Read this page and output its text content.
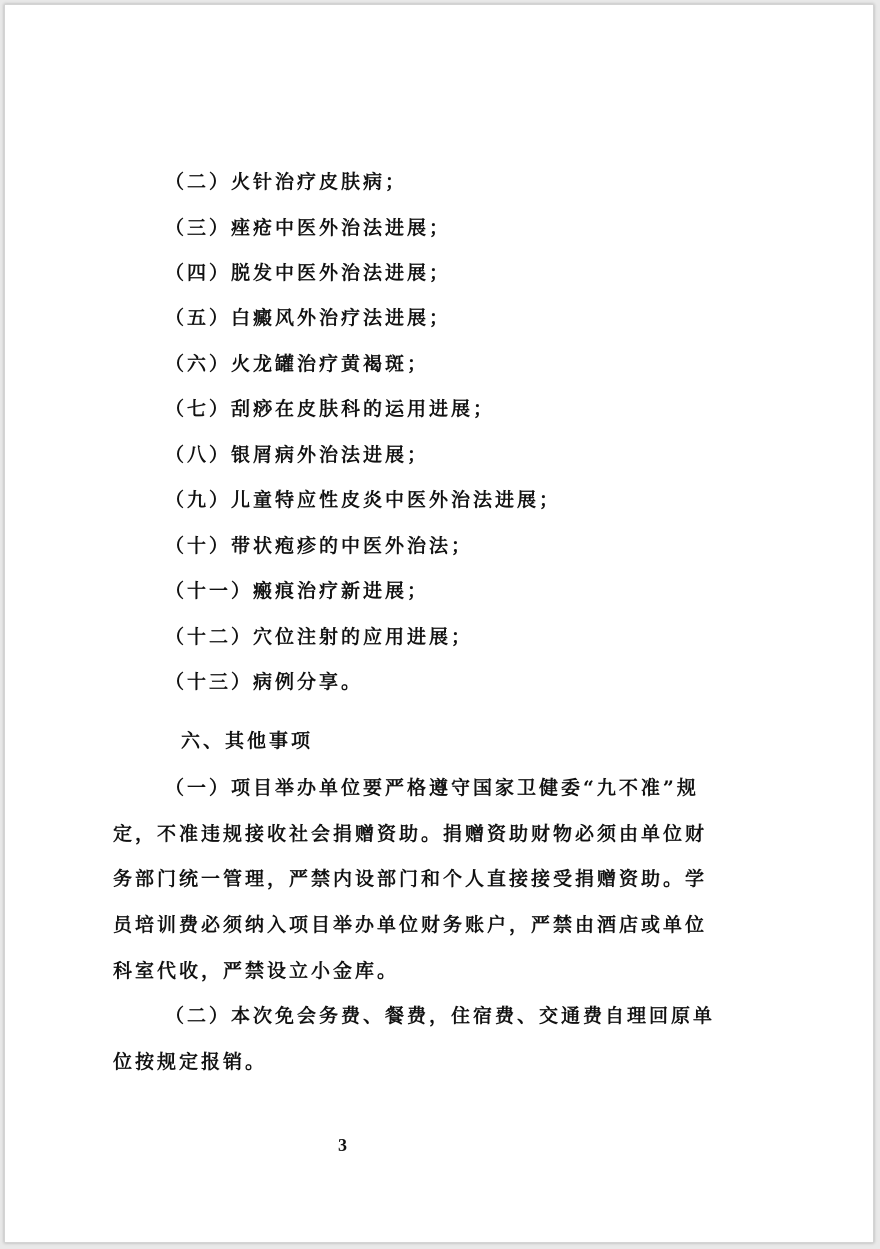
（二）火针治疗皮肤病；
（三）痤疮中医外治法进展；
（四）脱发中医外治法进展；
（五）白癜风外治疗法进展；
（六）火龙罐治疗黄褐斑；
（七）刮痧在皮肤科的运用进展；
（八）银屑病外治法进展；
（九）儿童特应性皮炎中医外治法进展；
（十）带状疱疹的中医外治法；
（十一）瘢痕治疗新进展；
（十二）穴位注射的应用进展；
（十三）病例分享。
六、其他事项
（一）项目举办单位要严格遵守国家卫健委“九不准”规
定，不准违规接收社会捐赠资助。捐赠资助财物必须由单位财
务部门统一管理，严禁内设部门和个人直接接受捐赠资助。学
员培训费必须纳入项目举办单位财务账户，严禁由酒店或单位
科室代收，严禁设立小金库。
（二）本次免会务费、餐费，住宿费、交通费自理回原单
位按规定报销。
3
